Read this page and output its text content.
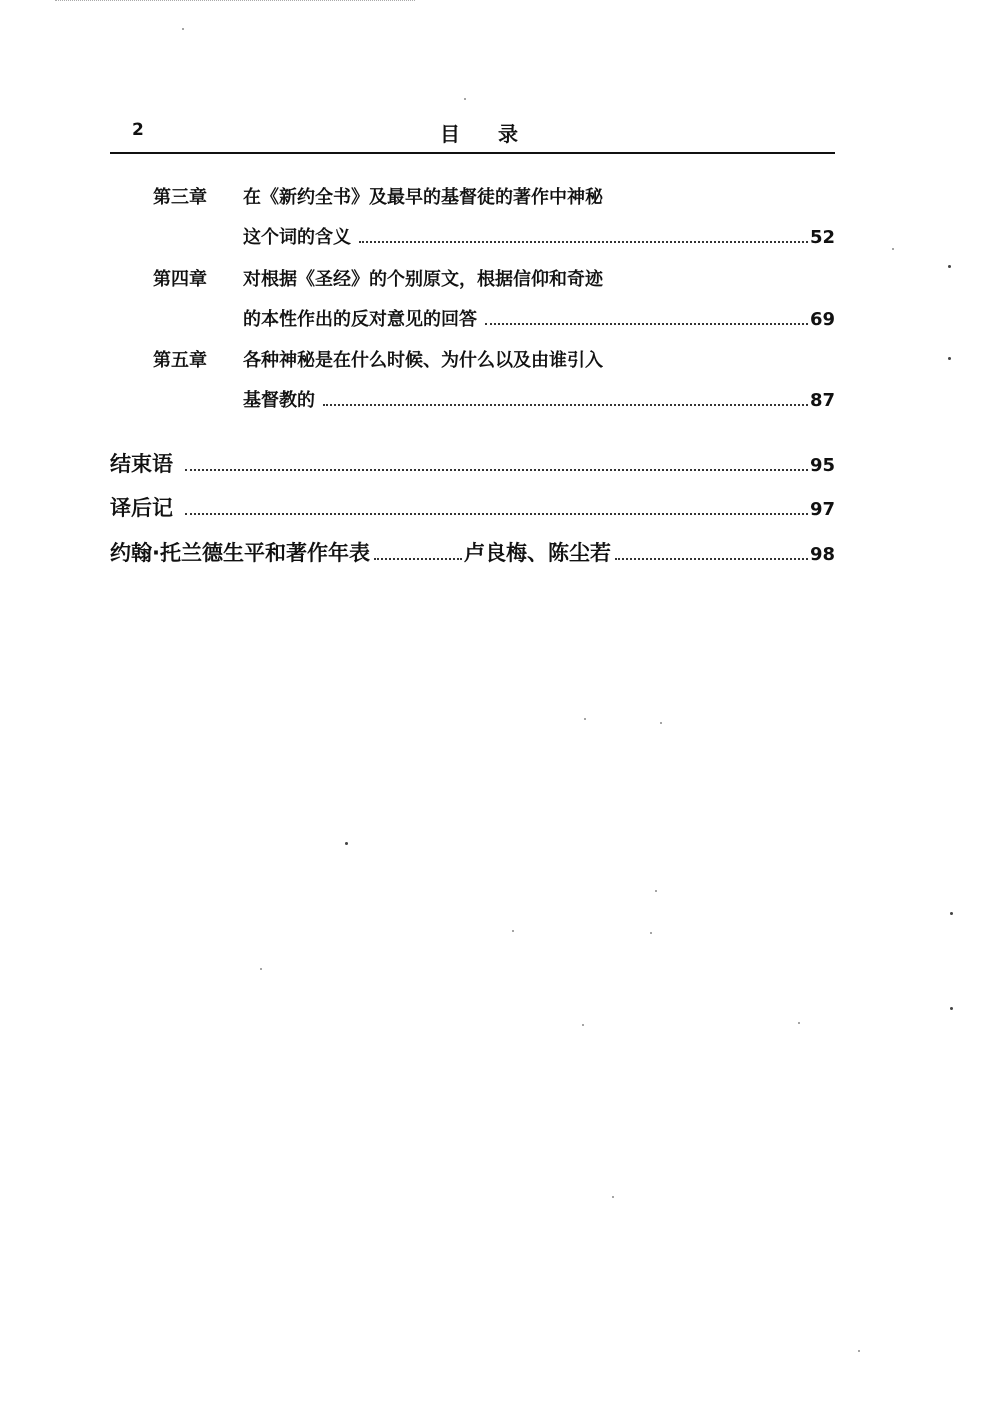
2	目录
第三章 在《新约全书》及最早的基督徒的著作中神秘
这个词的含义	52
第四章 对根据《圣经》的个别原文，根据信仰和奇迹
的本性作出的反对意见的回答	69
第五章 各种神秘是在什么时候、为什么以及由谁引入
基督教的	87
结束语	95
译后记	97
约翰·托兰德生平和著作年表	卢良梅、陈尘若	98
